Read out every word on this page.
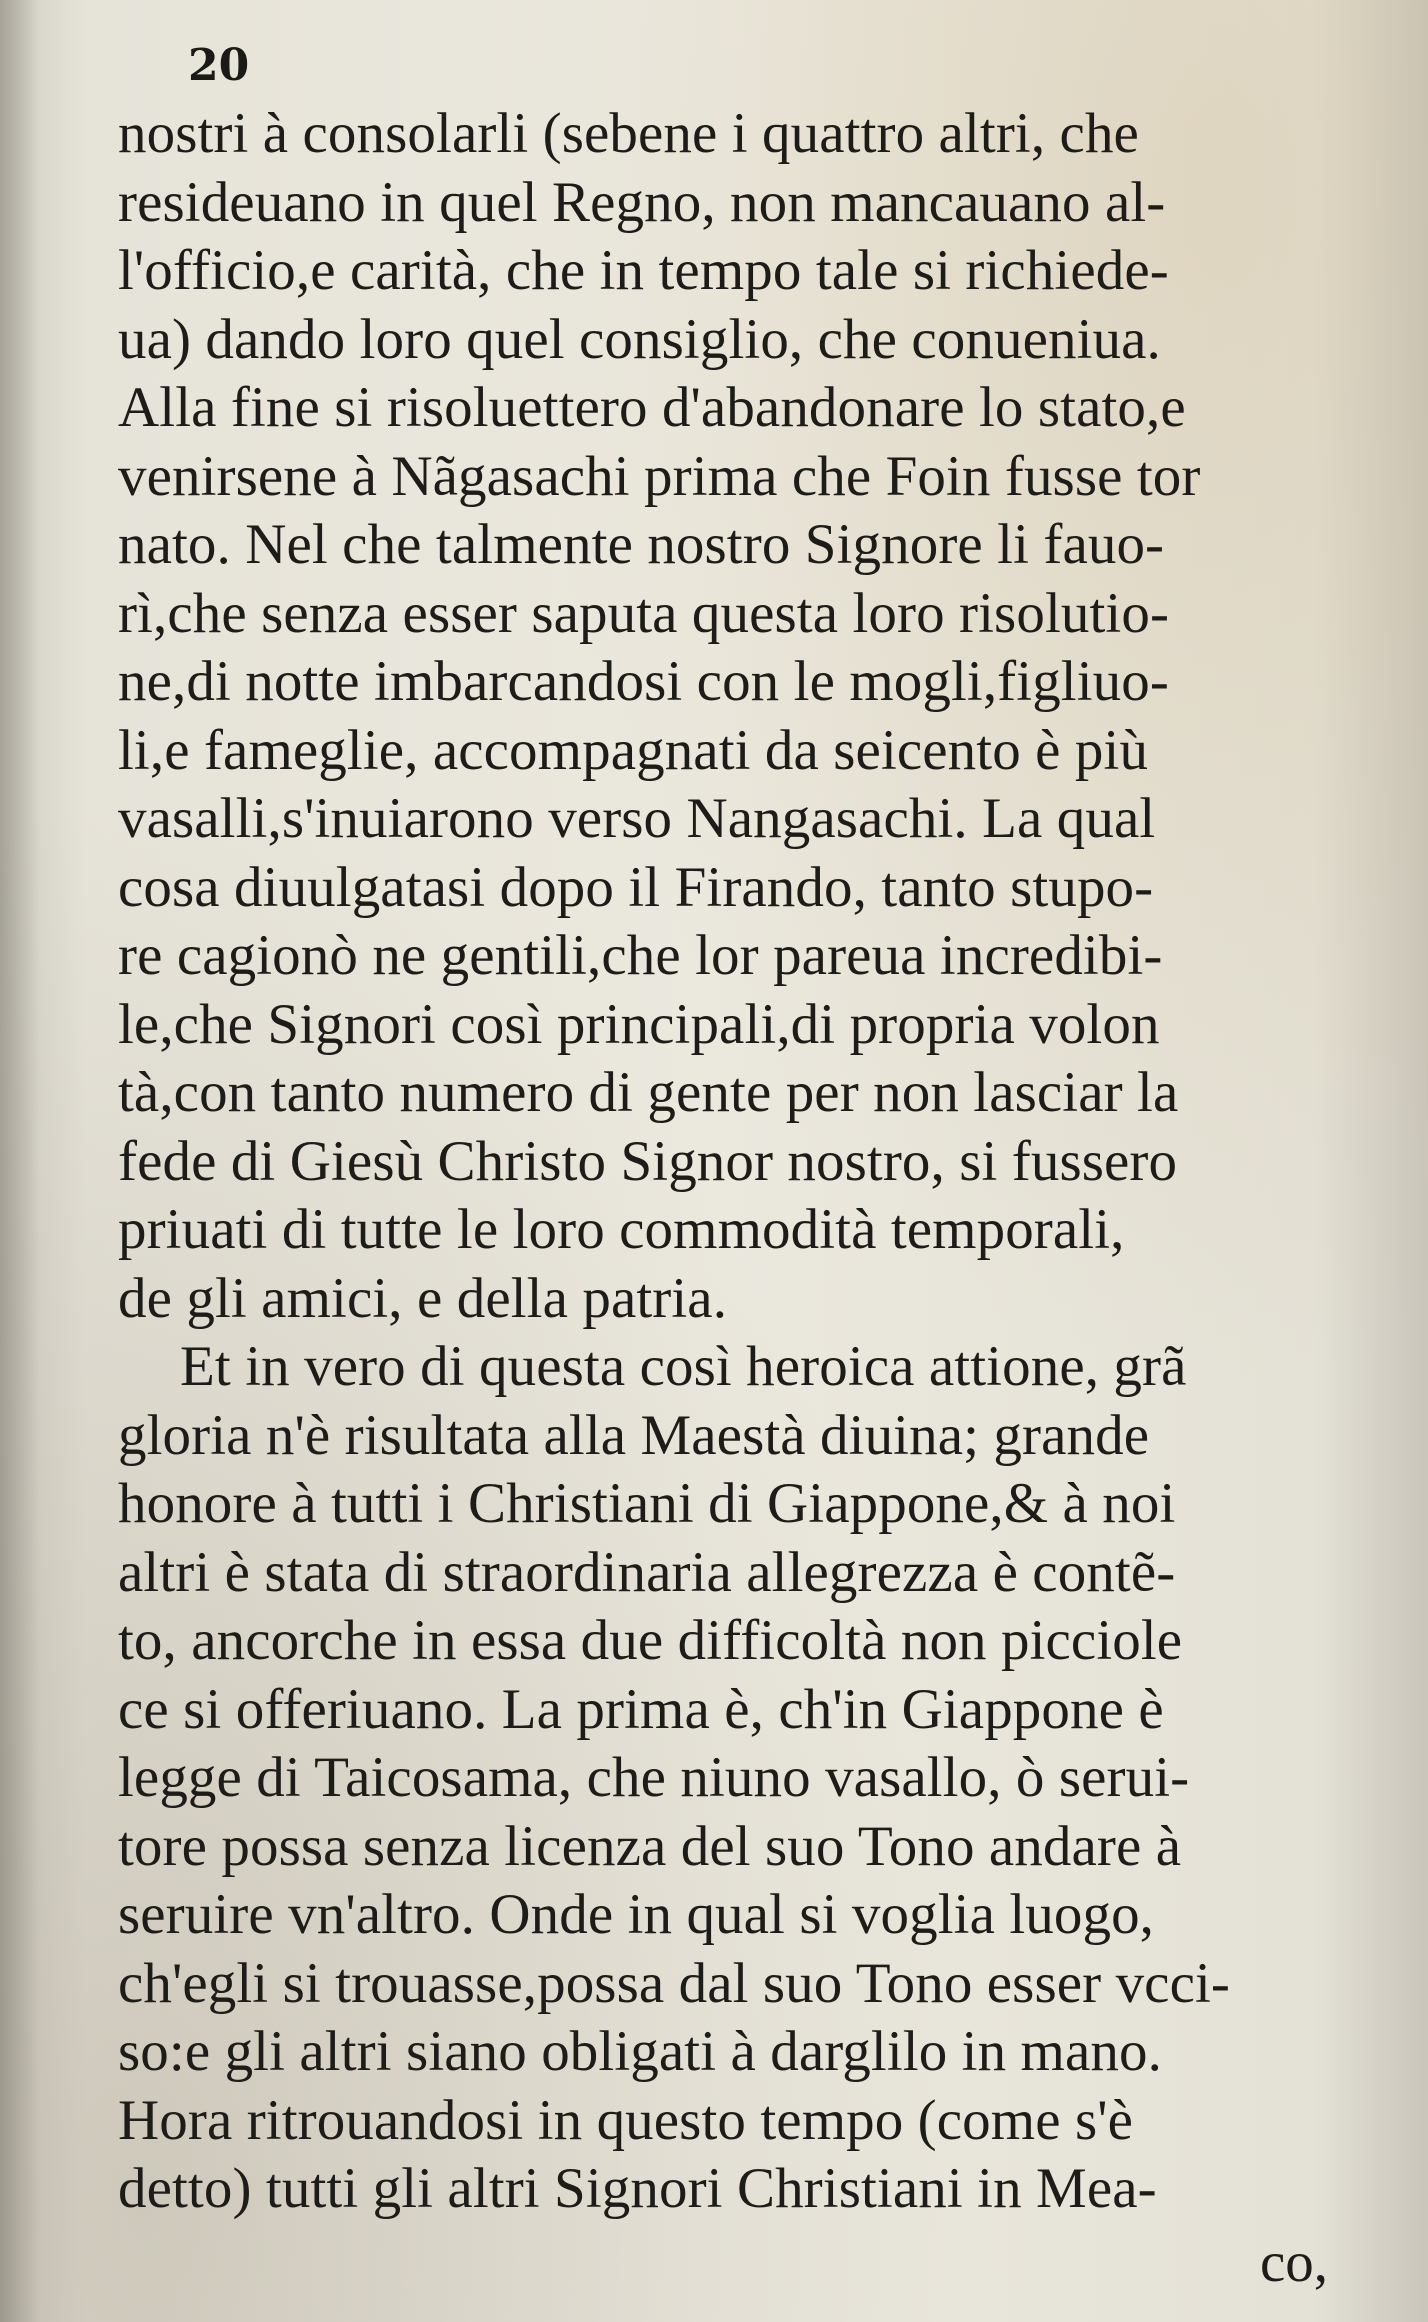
20
nostri à consolarli (sebene i quattro altri, che
resideuano in quel Regno, non mancauano al-
l'officio,e carità, che in tempo tale si richiede-
ua) dando loro quel consiglio, che conueniua.
Alla fine si risoluettero d'abandonare lo stato,e
venirsene à Nãgasachi prima che Foin fusse tor
nato. Nel che talmente nostro Signore li fauo-
rì,che senza esser saputa questa loro risolutio-
ne,di notte imbarcandosi con le mogli,figliuo-
li,e fameglie, accompagnati da seicento è più
vasalli,s'inuiarono verso Nangasachi. La qual
cosa diuulgatasi dopo il Firando, tanto stupo-
re cagionò ne gentili,che lor pareua incredibi-
le,che Signori così principali,di propria volon
tà,con tanto numero di gente per non lasciar la
fede di Giesù Christo Signor nostro, si fussero
priuati di tutte le loro commodità temporali,
de gli amici, e della patria.
Et in vero di questa così heroica attione, grã
gloria n'è risultata alla Maestà diuina; grande
honore à tutti i Christiani di Giappone,& à noi
altri è stata di straordinaria allegrezza è contẽ-
to, ancorche in essa due difficoltà non picciole
ce si offeriuano. La prima è, ch'in Giappone è
legge di Taicosama, che niuno vasallo, ò serui-
tore possa senza licenza del suo Tono andare à
seruire vn'altro. Onde in qual si voglia luogo,
ch'egli si trouasse,possa dal suo Tono esser vcci-
so:e gli altri siano obligati à darglilo in mano.
Hora ritrouandosi in questo tempo (come s'è
detto) tutti gli altri Signori Christiani in Mea-
co,
